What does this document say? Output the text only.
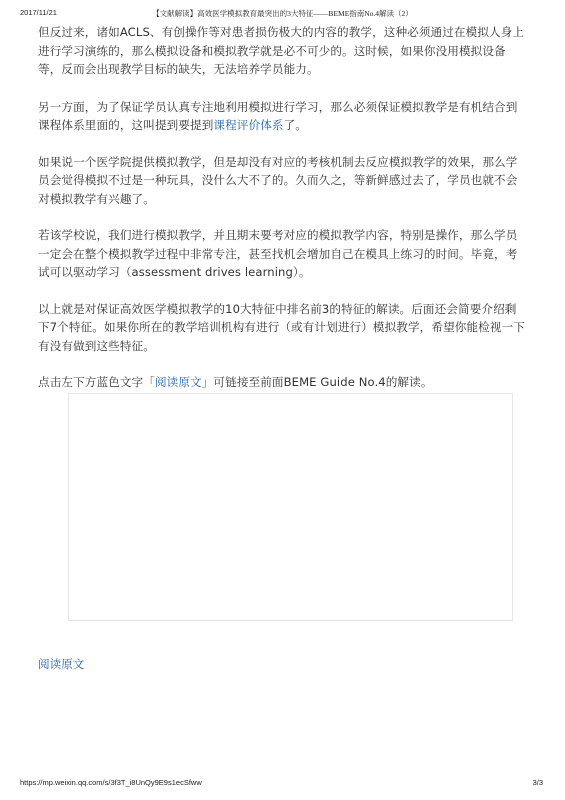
2017/11/21	【文献解读】高效医学模拟教育最突出的3大特征——BEME指南No.4解读（2）

但反过来，诸如ACLS、有创操作等对患者损伤极大的内容的教学，这种必须通过在模拟人身上进行学习演练的，那么模拟设备和模拟教学就是必不可少的。这时候，如果你没用模拟设备等，反而会出现教学目标的缺失，无法培养学员能力。

另一方面，为了保证学员认真专注地利用模拟进行学习，那么必须保证模拟教学是有机结合到课程体系里面的，这叫提到要提到课程评价体系了。

如果说一个医学院提供模拟教学，但是却没有对应的考核机制去反应模拟教学的效果，那么学员会觉得模拟不过是一种玩具，没什么大不了的。久而久之，等新鲜感过去了，学员也就不会对模拟教学有兴趣了。

若该学校说，我们进行模拟教学，并且期末要考对应的模拟教学内容，特别是操作，那么学员一定会在整个模拟教学过程中非常专注，甚至找机会增加自己在模具上练习的时间。毕竟，考试可以驱动学习（assessment drives learning）。

以上就是对保证高效医学模拟教学的10大特征中排名前3的特征的解读。后面还会简要介绍剩下7个特征。如果你所在的教学培训机构有进行（或有计划进行）模拟教学，希望你能检视一下有没有做到这些特征。

点击左下方蓝色文字「阅读原文」可链接至前面BEME Guide No.4的解读。

阅读原文
https://mp.weixin.qq.com/s/3f3T_i8UnQy9E9s1ecSfww	3/3
